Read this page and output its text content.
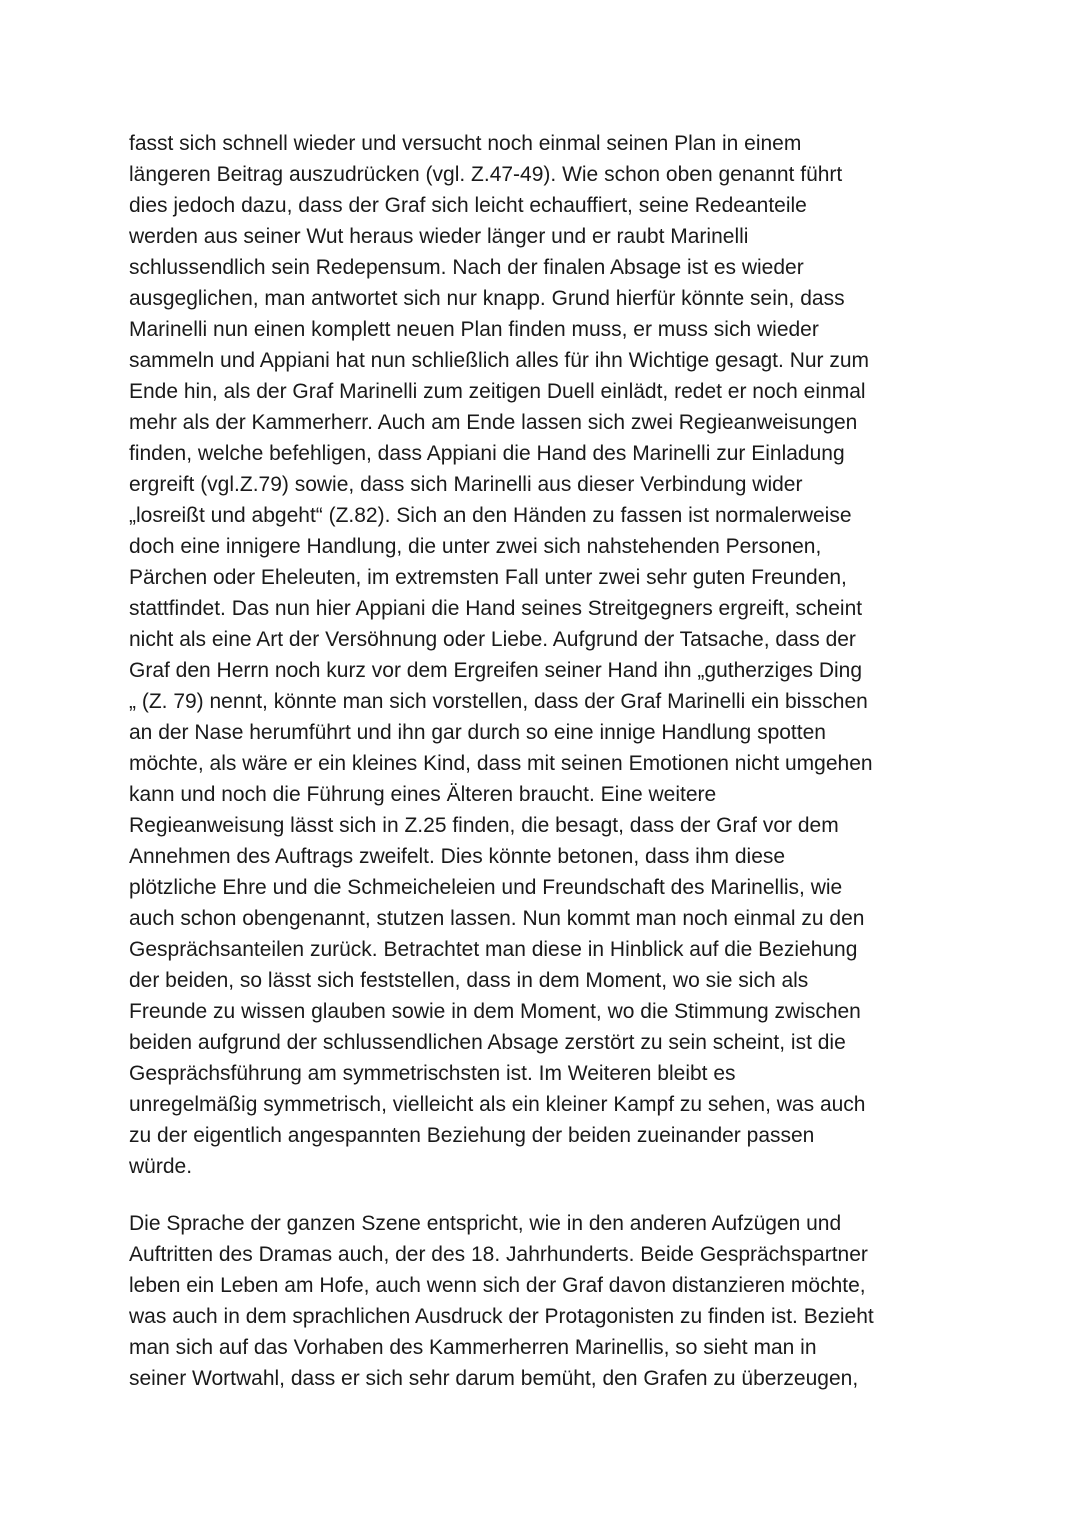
fasst sich schnell wieder und versucht noch einmal seinen Plan in einem
längeren Beitrag auszudrücken (vgl. Z.47-49). Wie schon oben genannt führt
dies jedoch dazu, dass der Graf sich leicht echauffiert, seine Redeanteile
werden aus seiner Wut heraus wieder länger und er raubt Marinelli
schlussendlich sein Redepensum. Nach der finalen Absage ist es wieder
ausgeglichen, man antwortet sich nur knapp. Grund hierfür könnte sein, dass
Marinelli nun einen komplett neuen Plan finden muss, er muss sich wieder
sammeln und Appiani hat nun schließlich alles für ihn Wichtige gesagt. Nur zum
Ende hin, als der Graf Marinelli zum zeitigen Duell einlädt, redet er noch einmal
mehr als der Kammerherr. Auch am Ende lassen sich zwei Regieanweisungen
finden, welche befehligen, dass Appiani die Hand des Marinelli zur Einladung
ergreift (vgl.Z.79) sowie, dass sich Marinelli aus dieser Verbindung wider
„losreißt und abgeht“ (Z.82). Sich an den Händen zu fassen ist normalerweise
doch eine innigere Handlung, die unter zwei sich nahstehenden Personen,
Pärchen oder Eheleuten, im extremsten Fall unter zwei sehr guten Freunden,
stattfindet. Das nun hier Appiani die Hand seines Streitgegners ergreift, scheint
nicht als eine Art der Versöhnung oder Liebe. Aufgrund der Tatsache, dass der
Graf den Herrn noch kurz vor dem Ergreifen seiner Hand ihn „gutherziges Ding
„ (Z. 79) nennt, könnte man sich vorstellen, dass der Graf Marinelli ein bisschen
an der Nase herumführt und ihn gar durch so eine innige Handlung spotten
möchte, als wäre er ein kleines Kind, dass mit seinen Emotionen nicht umgehen
kann und noch die Führung eines Älteren braucht. Eine weitere
Regieanweisung lässt sich in Z.25 finden, die besagt, dass der Graf vor dem
Annehmen des Auftrags zweifelt. Dies könnte betonen, dass ihm diese
plötzliche Ehre und die Schmeicheleien und Freundschaft des Marinellis, wie
auch schon obengenannt, stutzen lassen. Nun kommt man noch einmal zu den
Gesprächsanteilen zurück. Betrachtet man diese in Hinblick auf die Beziehung
der beiden, so lässt sich feststellen, dass in dem Moment, wo sie sich als
Freunde zu wissen glauben sowie in dem Moment, wo die Stimmung zwischen
beiden aufgrund der schlussendlichen Absage zerstört zu sein scheint, ist die
Gesprächsführung am symmetrischsten ist. Im Weiteren bleibt es
unregelmäßig symmetrisch, vielleicht als ein kleiner Kampf zu sehen, was auch
zu der eigentlich angespannten Beziehung der beiden zueinander passen
würde.
Die Sprache der ganzen Szene entspricht, wie in den anderen Aufzügen und
Auftritten des Dramas auch, der des 18. Jahrhunderts. Beide Gesprächspartner
leben ein Leben am Hofe, auch wenn sich der Graf davon distanzieren möchte,
was auch in dem sprachlichen Ausdruck der Protagonisten zu finden ist. Bezieht
man sich auf das Vorhaben des Kammerherren Marinellis, so sieht man in
seiner Wortwahl, dass er sich sehr darum bemüht, den Grafen zu überzeugen,
